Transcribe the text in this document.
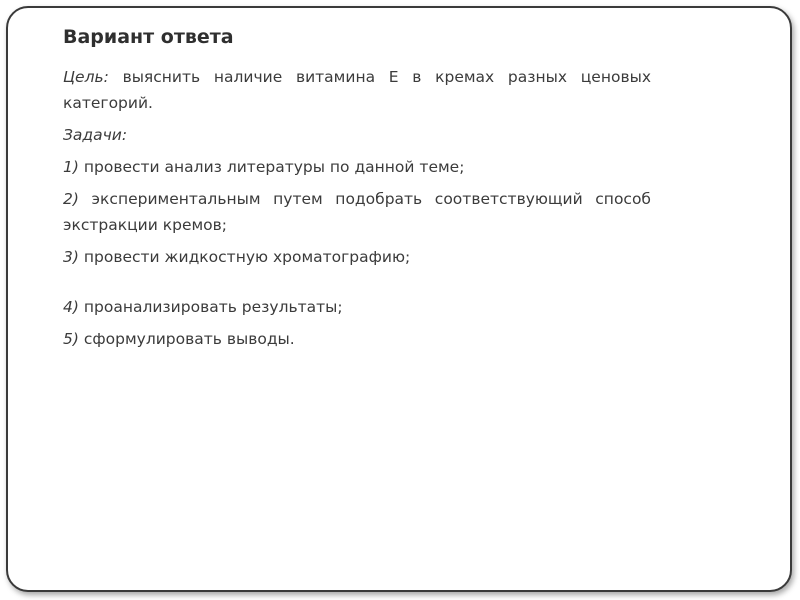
Вариант ответа
Цель: выяснить наличие витамина Е в кремах разных ценовых категорий.
Задачи:
1) провести анализ литературы по данной теме;
2) экспериментальным путем подобрать соответствующий способ экстракции кремов;
3) провести жидкостную хроматографию;
4) проанализировать результаты;
5) сформулировать выводы.
